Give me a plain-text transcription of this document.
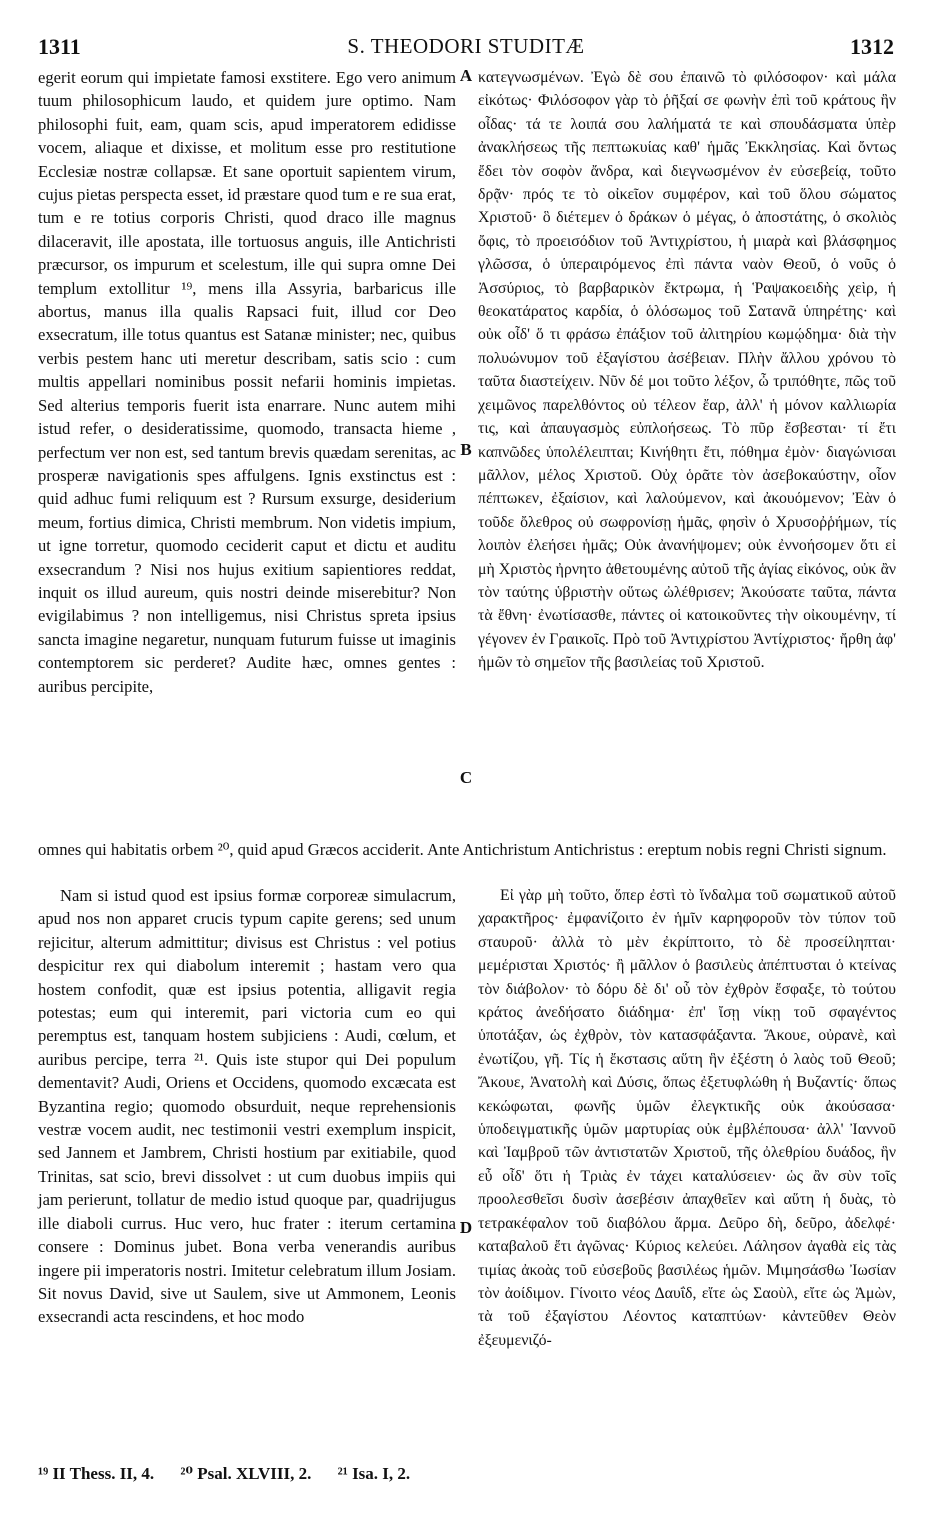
1311	S. THEODORI STUDITÆ	1312

egerit eorum qui impietate famosi exstitere. Ego vero animum tuum philosophicum laudo, et quidem jure optimo. Nam philosophi fuit, eam, quam scis, apud imperatorem edidisse vocem, aliaque et dixisse, et molitum esse pro restitutione Ecclesiæ nostræ collapsæ. Et sane oportuit sapientem virum, cujus pietas perspecta esset, id præstare quod tum e re sua erat, tum e re totius corporis Christi, quod draco ille magnus dilaceravit, ille apostata, ille tortuosus anguis, ille Antichristi præcursor, os impurum et scelestum, ille qui supra omne Dei templum extollitur ¹⁹, mens illa Assyria, barbaricus ille abortus, manus illa qualis Rapsaci fuit, illud cor Deo exsecratum, ille totus quantus est Satanæ minister; nec, quibus verbis pestem hanc uti meretur describam, satis scio : cum multis appellari nominibus possit nefarii hominis impietas. Sed alterius temporis fuerit ista enarrare. Nunc autem mihi istud refer, o desideratissime, quomodo, transacta hieme , perfectum ver non est, sed tantum brevis quædam serenitas, ac prosperæ navigationis spes affulgens. Ignis exstinctus est : quid adhuc fumi reliquum est ? Rursum exsurge, desiderium meum, fortius dimica, Christi membrum. Non videtis impium, ut igne torretur, quomodo ceciderit caput et dictu et auditu exsecrandum ? Nisi nos hujus exitium sapientiores reddat, inquit os illud aureum, quis nostri deinde miserebitur? Non evigilabimus ? non intelligemus, nisi Christus spreta ipsius sancta imagine negaretur, nunquam futurum fuisse ut imaginis contemptorem sic perderet? Audite hæc, omnes gentes : auribus percipite,

κατεγνωσμένων. Ἐγὼ δὲ σου ἐπαινῶ τὸ φιλόσοφον· καὶ μάλα εἰκότως· Φιλόσοφον γὰρ τὸ ῥῆξαί σε φωνὴν ἐπὶ τοῦ κράτους ἣν οἶδας· τά τε λοιπά σου λαλήματά τε καὶ σπουδάσματα ὑπὲρ ἀνακλήσεως τῆς πεπτωκυίας καθ' ἡμᾶς Ἐκκλησίας. Καὶ ὄντως ἔδει τὸν σοφὸν ἄνδρα, καὶ διεγνωσμένον ἐν εὐσεβείᾳ, τοῦτο δρᾷν· πρός τε τὸ οἰκεῖον συμφέρον, καὶ τοῦ ὅλου σώματος Χριστοῦ· ὃ διέτεμεν ὁ δράκων ὁ μέγας, ὁ ἀποστάτης, ὁ σκολιὸς ὄφις, τὸ προεισόδιον τοῦ Ἀντιχρίστου, ἡ μιαρὰ καὶ βλάσφημος γλῶσσα, ὁ ὑπεραιρόμενος ἐπὶ πάντα ναὸν Θεοῦ, ὁ νοῦς ὁ Ἀσσύριος, τὸ βαρβαρικὸν ἔκτρωμα, ἡ Ῥαψακοειδὴς χεὶρ, ἡ θεοκατάρατος καρδία, ὁ ὁλόσωμος τοῦ Σατανᾶ ὑπηρέτης· καὶ οὐκ οἶδ' ὅ τι φράσω ἐπάξιον τοῦ ἀλιτηρίου κωμῴδημα· διὰ τὴν πολυώνυμον τοῦ ἐξαγίστου ἀσέβειαν. Πλὴν ἄλλου χρόνου τὸ ταῦτα διαστείχειν. Νῦν δέ μοι τοῦτο λέξον, ὦ τριπόθητε, πῶς τοῦ χειμῶνος παρελθόντος οὐ τέλεον ἔαρ, ἀλλ' ἡ μόνον καλλιωρία τις, καὶ ἀπαυγασμὸς εὐπλοήσεως. Τὸ πῦρ ἔσβεσται· τί ἔτι καπνῶδες ὑπολέλειπται; Κινήθητι ἔτι, πόθημα ἐμὸν· διαγώνισαι μᾶλλον, μέλος Χριστοῦ. Οὐχ ὁρᾶτε τὸν ἀσεβοκαύστην, οἷον πέπτωκεν, ἐξαίσιον, καὶ λαλούμενον, καὶ ἀκουόμενον; Ἐὰν ὁ τοῦδε ὄλεθρος οὐ σωφρονίσῃ ἡμᾶς, φησὶν ὁ Χρυσοῤῥήμων, τίς λοιπὸν ἐλεήσει ἡμᾶς; Οὐκ ἀνανήψομεν; οὐκ ἐννοήσομεν ὅτι εἰ μὴ Χριστὸς ἠρνητο ἀθετουμένης αὐτοῦ τῆς ἁγίας εἰκόνος, οὐκ ἂν τὸν ταύτης ὑβριστὴν οὕτως ὠλέθρισεν; Ἀκούσατε ταῦτα, πάντα τὰ ἔθνη· ἐνωτίσασθε, πάντες οἱ κατοικοῦντες τὴν οἰκουμένην, τί γέγονεν ἐν Γραικοῖς. Πρὸ τοῦ Ἀντιχρίστου Ἀντίχριστος· ἤρθη ἀφ' ἡμῶν τὸ σημεῖον τῆς βασιλείας τοῦ Χριστοῦ.

A
B
C
D

omnes qui habitatis orbem ²⁰, quid apud Græcos acciderit. Ante Antichristum Antichristus : ereptum nobis regni Christi signum.

Nam si istud quod est ipsius formæ corporeæ simulacrum, apud nos non apparet crucis typum capite gerens; sed unum rejicitur, alterum admittitur; divisus est Christus : vel potius despicitur rex qui diabolum interemit ; hastam vero qua hostem confodit, quæ est ipsius potentia, alligavit regia potestas; eum qui interemit, pari victoria cum eo qui peremptus est, tanquam hostem subjiciens : Audi, cœlum, et auribus percipe, terra ²¹. Quis iste stupor qui Dei populum dementavit? Audi, Oriens et Occidens, quomodo excæcata est Byzantina regio; quomodo obsurduit, neque reprehensionis vestræ vocem audit, nec testimonii vestri exemplum inspicit, sed Jannem et Jambrem, Christi hostium par exitiabile, quod Trinitas, sat scio, brevi dissolvet : ut cum duobus impiis qui jam perierunt, tollatur de medio istud quoque par, quadrijugus ille diaboli currus. Huc vero, huc frater : iterum certamina consere : Dominus jubet. Bona verba venerandis auribus ingere pii imperatoris nostri. Imitetur celebratum illum Josiam. Sit novus David, sive ut Saulem, sive ut Ammonem, Leonis exsecrandi acta rescindens, et hoc modo

Εἰ γὰρ μὴ τοῦτο, ὅπερ ἐστὶ τὸ ἴνδαλμα τοῦ σωματικοῦ αὐτοῦ χαρακτῆρος· ἐμφανίζοιτο ἐν ἡμῖν καρηφοροῦν τὸν τύπον τοῦ σταυροῦ· ἀλλὰ τὸ μὲν ἐκρίπτοιτο, τὸ δὲ προσείληπται· μεμέρισται Χριστός· ἢ μᾶλλον ὁ βασιλεὺς ἀπέπτυσται ὁ κτείνας τὸν διάβολον· τὸ δόρυ δὲ δι' οὗ τὸν ἐχθρὸν ἔσφαξε, τὸ τούτου κράτος ἀνεδήσατο διάδημα· ἐπ' ἴσῃ νίκῃ τοῦ σφαγέντος ὑποτάξαν, ὡς ἐχθρὸν, τὸν κατασφάξαντα. Ἄκουε, οὐρανὲ, καὶ ἐνωτίζου, γῆ. Τίς ἡ ἔκστασις αὕτη ἣν ἐξέστη ὁ λαὸς τοῦ Θεοῦ; Ἄκουε, Ἀνατολὴ καὶ Δύσις, ὅπως ἐξετυφλώθη ἡ Βυζαντίς· ὅπως κεκώφωται, φωνῆς ὑμῶν ἐλεγκτικῆς οὐκ ἀκούσασα· ὑποδειγματικῆς ὑμῶν μαρτυρίας οὐκ ἐμβλέπουσα· ἀλλ' Ἰαννοῦ καὶ Ἰαμβροῦ τῶν ἀντιστατῶν Χριστοῦ, τῆς ὀλεθρίου δυάδος, ἣν εὖ οἶδ' ὅτι ἡ Τριὰς ἐν τάχει καταλύσειεν· ὡς ἂν σὺν τοῖς προολεσθεῖσι δυσὶν ἀσεβέσιν ἀπαχθεῖεν καὶ αὕτη ἡ δυὰς, τὸ τετρακέφαλον τοῦ διαβόλου ἅρμα. Δεῦρο δὴ, δεῦρο, ἀδελφέ· καταβαλοῦ ἔτι ἀγῶνας· Κύριος κελεύει. Λάλησον ἀγαθὰ εἰς τὰς τιμίας ἀκοὰς τοῦ εὐσεβοῦς βασιλέως ἡμῶν. Μιμησάσθω Ἰωσίαν τὸν ἀοίδιμον. Γίνοιτο νέος Δαυΐδ, εἴτε ὡς Σαοὺλ, εἴτε ὡς Ἀμὼν, τὰ τοῦ ἐξαγίστου Λέοντος καταπτύων· κἀντεῦθεν Θεὸν ἐξευμενιζό-

¹⁹ II Thess. II, 4. ²⁰ Psal. XLVIII, 2. ²¹ Isa. I, 2.
